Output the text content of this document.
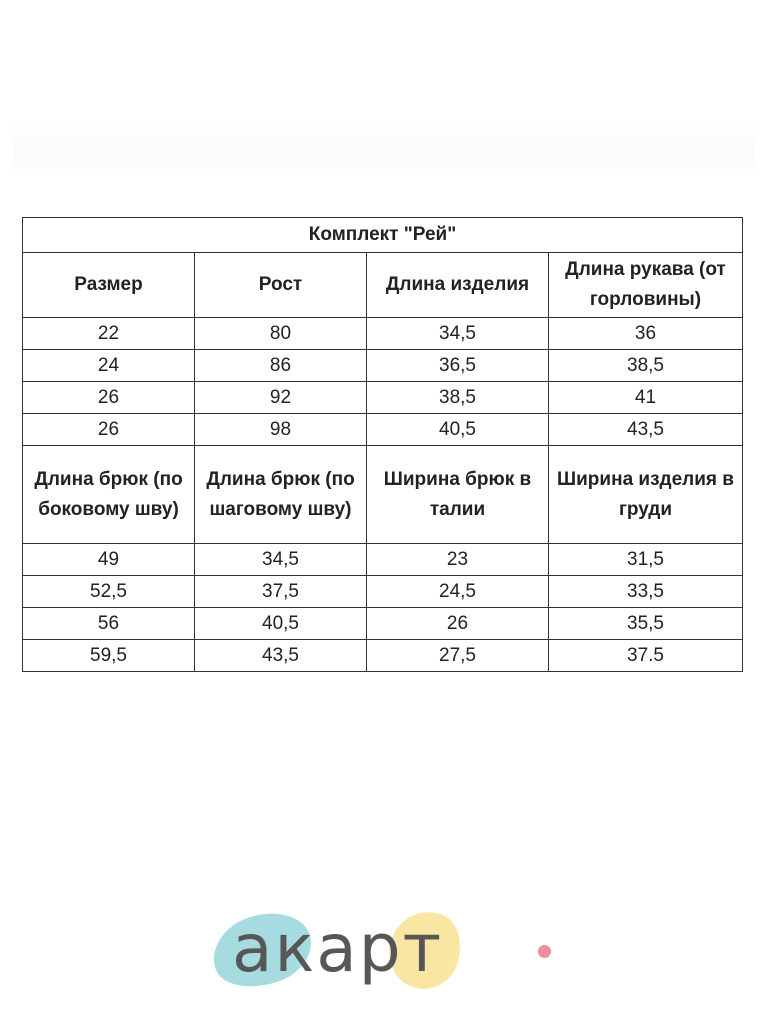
Комплект "Рей"			
Размер	Рост	Длина изделия	Длина рукава (от горловины)
22	80	34,5	36
24	86	36,5	38,5
26	92	38,5	41
26	98	40,5	43,5
Длина брюк (по боковому шву)	Длина брюк (по шаговому шву)	Ширина брюк в талии	Ширина изделия в груди
49	34,5	23	31,5
52,5	37,5	24,5	33,5
56	40,5	26	35,5
59,5	43,5	27,5	37.5
акарт
